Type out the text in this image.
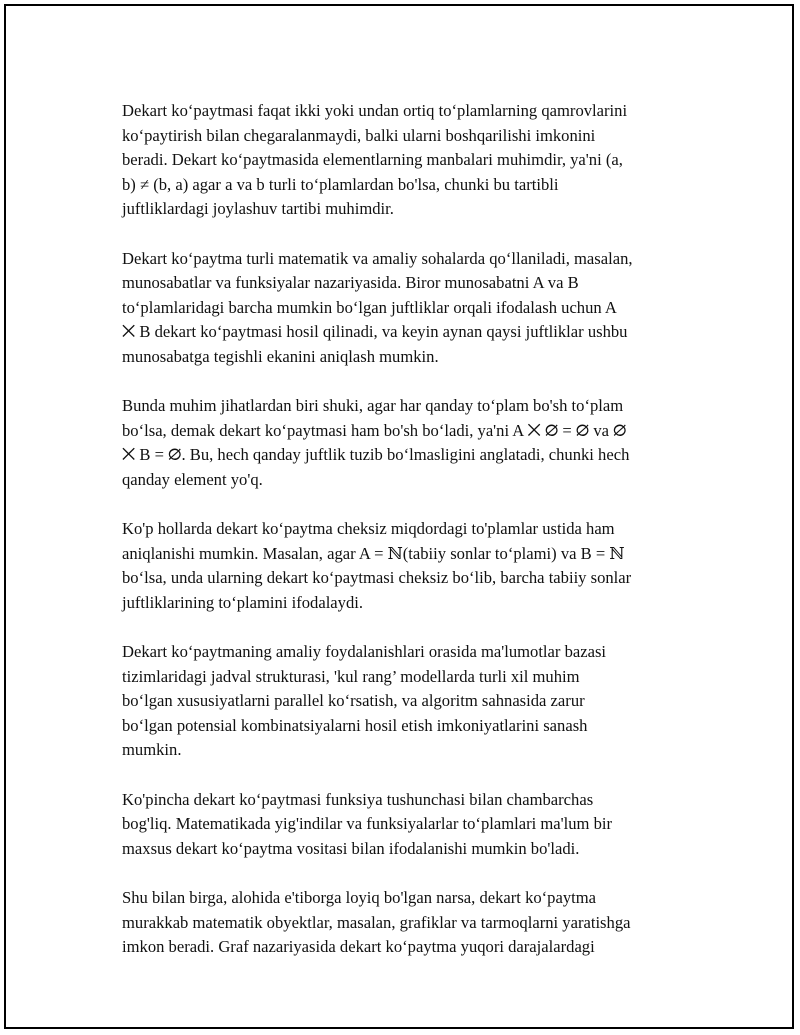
Dekart ko‘paytmasi faqat ikki yoki undan ortiq to‘plamlarning qamrovlarini
ko‘paytirish bilan chegaralanmaydi, balki ularni boshqarilishi imkonini
beradi. Dekart ko‘paytmasida elementlarning manbalari muhimdir, ya'ni (a,
b) ≠ (b, a) agar a va b turli to‘plamlardan bo'lsa, chunki bu tartibli
juftliklardagi joylashuv tartibi muhimdir.

Dekart ko‘paytma turli matematik va amaliy sohalarda qo‘llaniladi, masalan,
munosabatlar va funksiyalar nazariyasida. Biror munosabatni A va B
to‘plamlaridagi barcha mumkin bo‘lgan juftliklar orqali ifodalash uchun A
⨉ B dekart ko‘paytmasi hosil qilinadi, va keyin aynan qaysi juftliklar ushbu
munosabatga tegishli ekanini aniqlash mumkin.

Bunda muhim jihatlardan biri shuki, agar har qanday to‘plam bo'sh to‘plam
bo‘lsa, demak dekart ko‘paytmasi ham bo'sh bo‘ladi, ya'ni A ⨉ ∅ = ∅ va ∅
⨉ B = ∅. Bu, hech qanday juftlik tuzib bo‘lmasligini anglatadi, chunki hech
qanday element yo'q.

Ko'p hollarda dekart ko‘paytma cheksiz miqdordagi to'plamlar ustida ham
aniqlanishi mumkin. Masalan, agar A = ℕ(tabiiy sonlar to‘plami) va B = ℕ
bo‘lsa, unda ularning dekart ko‘paytmasi cheksiz bo‘lib, barcha tabiiy sonlar
juftliklarining to‘plamini ifodalaydi.

Dekart ko‘paytmaning amaliy foydalanishlari orasida ma'lumotlar bazasi
tizimlaridagi jadval strukturasi, 'kul rang’ modellarda turli xil muhim
bo‘lgan xususiyatlarni parallel ko‘rsatish, va algoritm sahnasida zarur
bo‘lgan potensial kombinatsiyalarni hosil etish imkoniyatlarini sanash
mumkin.

Ko'pincha dekart ko‘paytmasi funksiya tushunchasi bilan chambarchas
bog'liq. Matematikada yig'indilar va funksiyalarlar to‘plamlari ma'lum bir
maxsus dekart ko‘paytma vositasi bilan ifodalanishi mumkin bo'ladi.

Shu bilan birga, alohida e'tiborga loyiq bo'lgan narsa, dekart ko‘paytma
murakkab matematik obyektlar, masalan, grafiklar va tarmoqlarni yaratishga
imkon beradi. Graf nazariyasida dekart ko‘paytma yuqori darajalardagi
